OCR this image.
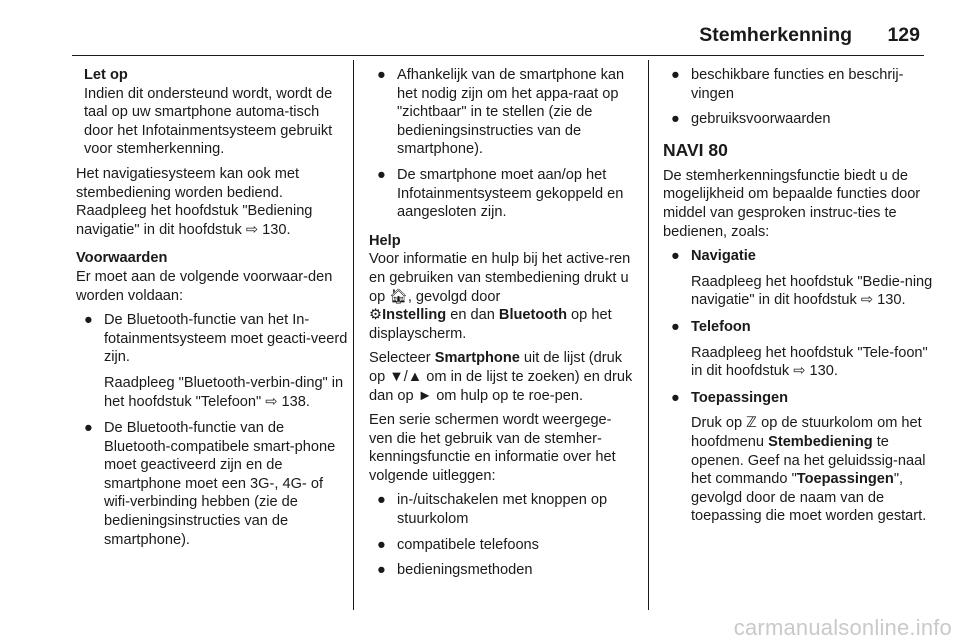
Stemherkenning 129
Let op
Indien dit ondersteund wordt, wordt de taal op uw smartphone automa-tisch door het Infotainmentsysteem gebruikt voor stemherkenning.

Het navigatiesysteem kan ook met stembediening worden bediend. Raadpleeg het hoofdstuk "Bediening navigatie" in dit hoofdstuk ⇨ 130.

Voorwaarden

Er moet aan de volgende voorwaar-den worden voldaan:

● De Bluetooth-functie van het In-fotainmentsysteem moet geacti-veerd zijn.
Raadpleeg "Bluetooth-verbin-ding" in het hoofdstuk "Telefoon" ⇨ 138.
● De Bluetooth-functie van de Bluetooth-compatibele smart-phone moet geactiveerd zijn en de smartphone moet een 3G-, 4G- of wifi-verbinding hebben (zie de bedieningsinstructies van de smartphone).
● Afhankelijk van de smartphone kan het nodig zijn om het appa-raat op "zichtbaar" in te stellen (zie de bedieningsinstructies van de smartphone).
● De smartphone moet aan/op het Infotainmentsysteem gekoppeld en aangesloten zijn.
Help

Voor informatie en hulp bij het active-ren en gebruiken van stembediening drukt u op 🏠︎, gevolgd door
⚙Instelling en dan Bluetooth op het displayscherm.

Selecteer Smartphone uit de lijst (druk op ▼/▲ om in de lijst te zoeken) en druk dan op ► om hulp op te roe-pen.

Een serie schermen wordt weergege-ven die het gebruik van de stemher-kenningsfunctie en informatie over het volgende uitleggen:

● in-/uitschakelen met knoppen op stuurkolom
● compatibele telefoons
● bedieningsmethoden
● beschikbare functies en beschrij-vingen
● gebruiksvoorwaarden
NAVI 80

De stemherkenningsfunctie biedt u de mogelijkheid om bepaalde functies door middel van gesproken instruc-ties te bedienen, zoals:

● Navigatie
Raadpleeg het hoofdstuk "Bedie-ning navigatie" in dit hoofdstuk ⇨ 130.
● Telefoon
Raadpleeg het hoofdstuk "Tele-foon" in dit hoofdstuk ⇨ 130.
● Toepassingen
Druk op ℤ op de stuurkolom om het hoofdmenu Stembediening te openen. Geef na het geluidssig-naal het commando "Toepassingen", gevolgd door de naam van de toepassing die moet worden gestart.
carmanualsonline.info
